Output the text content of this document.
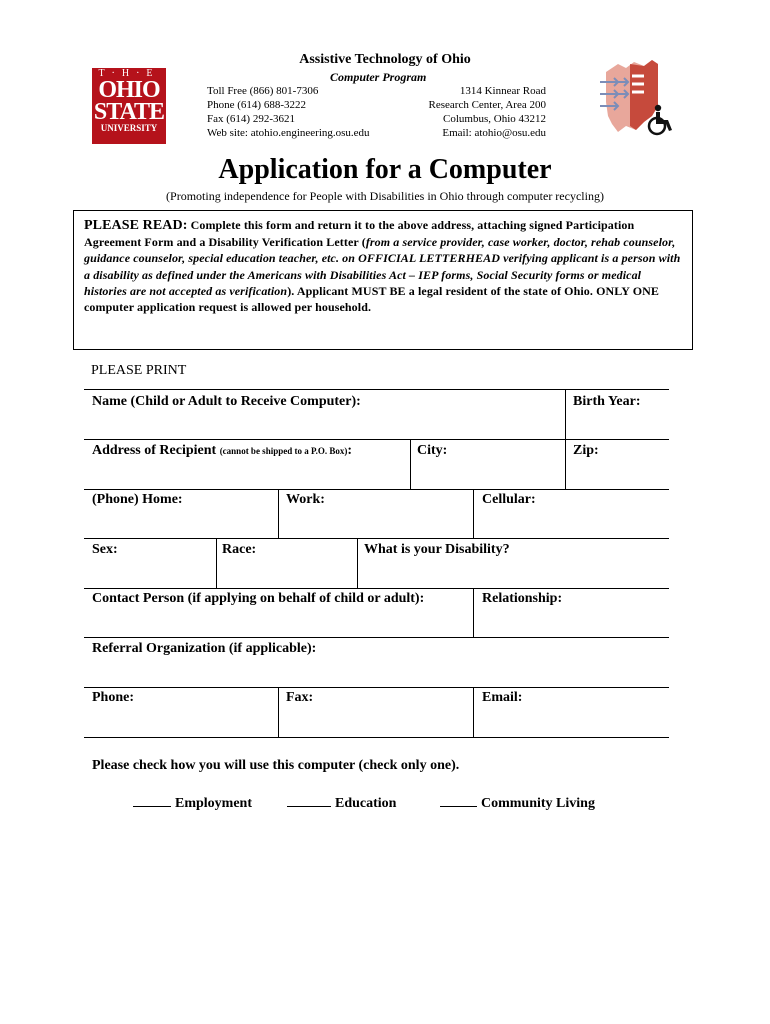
T·H·E
OHIO
STATE
UNIVERSITY
Assistive Technology of Ohio
Computer Program
Toll Free (866) 801-7306
Phone (614) 688-3222
Fax (614) 292-3621
Web site: atohio.engineering.osu.edu
1314 Kinnear Road
Research Center, Area 200
Columbus, Ohio 43212
Email: atohio@osu.edu
Application for a Computer
(Promoting independence for People with Disabilities in Ohio through computer recycling)
PLEASE READ: Complete this form and return it to the above address, attaching signed Participation Agreement Form and a Disability Verification Letter (from a service provider, case worker, doctor, rehab counselor, guidance counselor, special education teacher, etc. on OFFICIAL LETTERHEAD verifying applicant is a person with a disability as defined under the Americans with Disabilities Act – IEP forms, Social Security forms or medical histories are not accepted as verification). Applicant MUST BE a legal resident of the state of Ohio. ONLY ONE computer application request is allowed per household.
PLEASE PRINT
Name (Child or Adult to Receive Computer):	Birth Year:
Address of Recipient (cannot be shipped to a P.O. Box):	City:	Zip:
(Phone) Home:	Work:	Cellular:
Sex:	Race:	What is your Disability?
Contact Person (if applying on behalf of child or adult):	Relationship:
Referral Organization (if applicable):
Phone:	Fax:	Email:
Please check how you will use this computer (check only one).
Employment	Education	Community Living
